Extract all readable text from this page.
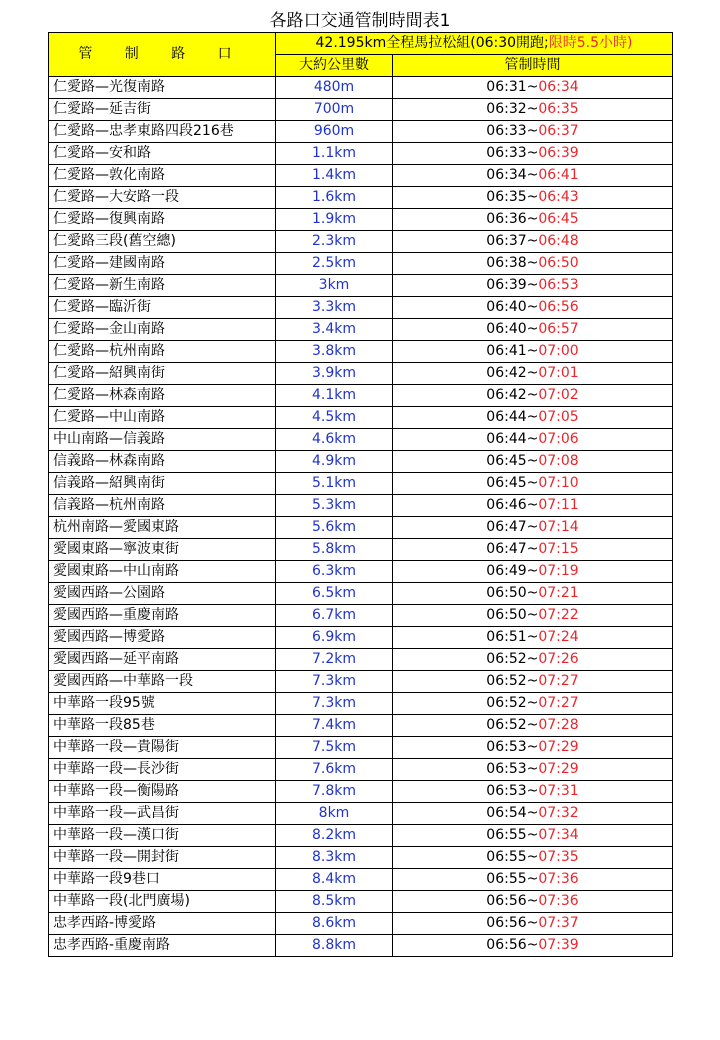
各路口交通管制時間表1
管 制 路 口	42.195km全程馬拉松組(06:30開跑;限時5.5小時)	
	大約公里數	管制時間
仁愛路—光復南路	480m	06:31~06:34
仁愛路—延吉街	700m	06:32~06:35
仁愛路—忠孝東路四段216巷	960m	06:33~06:37
仁愛路—安和路	1.1km	06:33~06:39
仁愛路—敦化南路	1.4km	06:34~06:41
仁愛路—大安路一段	1.6km	06:35~06:43
仁愛路—復興南路	1.9km	06:36~06:45
仁愛路三段(舊空總)	2.3km	06:37~06:48
仁愛路—建國南路	2.5km	06:38~06:50
仁愛路—新生南路	3km	06:39~06:53
仁愛路—臨沂街	3.3km	06:40~06:56
仁愛路—金山南路	3.4km	06:40~06:57
仁愛路—杭州南路	3.8km	06:41~07:00
仁愛路—紹興南街	3.9km	06:42~07:01
仁愛路—林森南路	4.1km	06:42~07:02
仁愛路—中山南路	4.5km	06:44~07:05
中山南路—信義路	4.6km	06:44~07:06
信義路—林森南路	4.9km	06:45~07:08
信義路—紹興南街	5.1km	06:45~07:10
信義路—杭州南路	5.3km	06:46~07:11
杭州南路—愛國東路	5.6km	06:47~07:14
愛國東路—寧波東街	5.8km	06:47~07:15
愛國東路—中山南路	6.3km	06:49~07:19
愛國西路—公園路	6.5km	06:50~07:21
愛國西路—重慶南路	6.7km	06:50~07:22
愛國西路—博愛路	6.9km	06:51~07:24
愛國西路—延平南路	7.2km	06:52~07:26
愛國西路—中華路一段	7.3km	06:52~07:27
中華路一段95號	7.3km	06:52~07:27
中華路一段85巷	7.4km	06:52~07:28
中華路一段—貴陽街	7.5km	06:53~07:29
中華路一段—長沙街	7.6km	06:53~07:29
中華路一段—衡陽路	7.8km	06:53~07:31
中華路一段—武昌街	8km	06:54~07:32
中華路一段—漢口街	8.2km	06:55~07:34
中華路一段—開封街	8.3km	06:55~07:35
中華路一段9巷口	8.4km	06:55~07:36
中華路一段(北門廣場)	8.5km	06:56~07:36
忠孝西路-博愛路	8.6km	06:56~07:37
忠孝西路-重慶南路	8.8km	06:56~07:39
